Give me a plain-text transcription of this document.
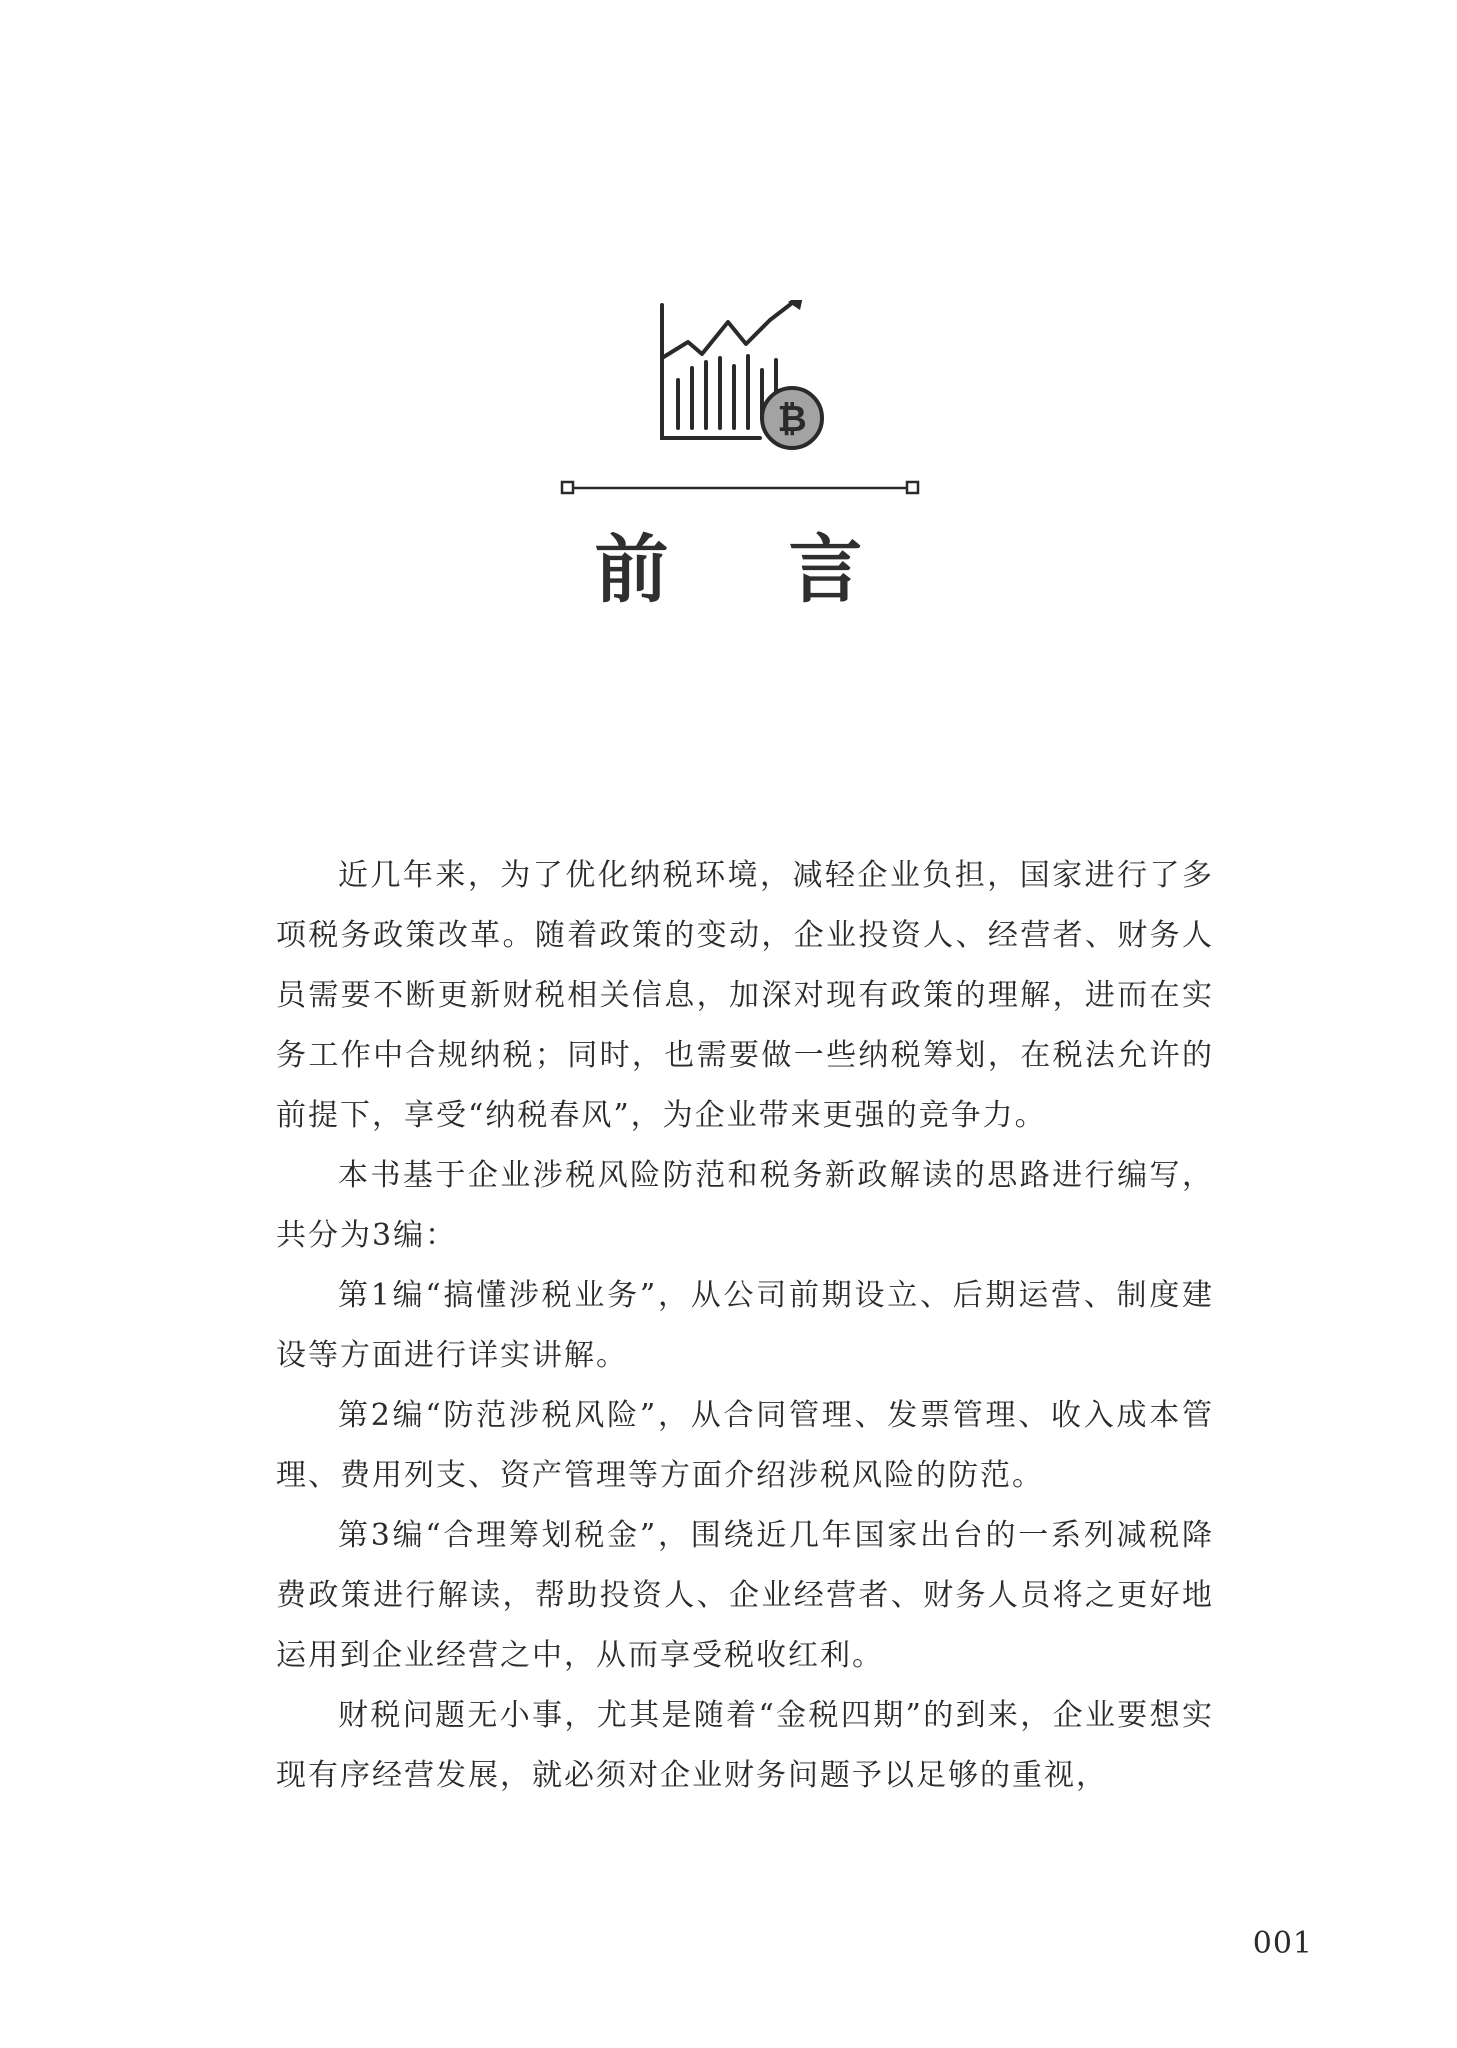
₿
前言

近几年来，为了优化纳税环境，减轻企业负担，国家进行了多项税务政策改革。随着政策的变动，企业投资人、经营者、财务人员需要不断更新财税相关信息，加深对现有政策的理解，进而在实务工作中合规纳税；同时，也需要做一些纳税筹划，在税法允许的前提下，享受“纳税春风”，为企业带来更强的竞争力。

本书基于企业涉税风险防范和税务新政解读的思路进行编写，共分为3编：

第1编“搞懂涉税业务”，从公司前期设立、后期运营、制度建设等方面进行详实讲解。

第2编“防范涉税风险”，从合同管理、发票管理、收入成本管理、费用列支、资产管理等方面介绍涉税风险的防范。

第3编“合理筹划税金”，围绕近几年国家出台的一系列减税降费政策进行解读，帮助投资人、企业经营者、财务人员将之更好地运用到企业经营之中，从而享受税收红利。

财税问题无小事，尤其是随着“金税四期”的到来，企业要想实现有序经营发展，就必须对企业财务问题予以足够的重视，

001
